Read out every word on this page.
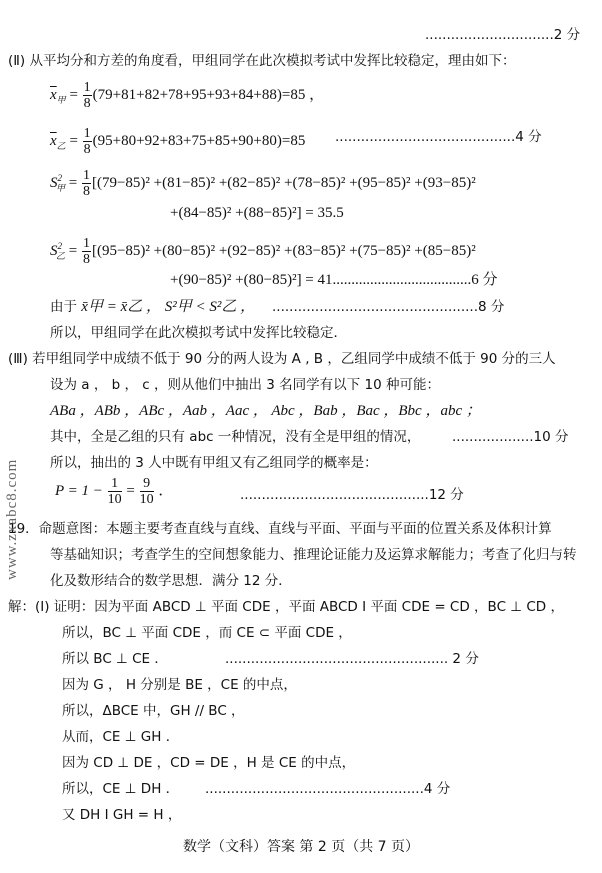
..............................2 分
(Ⅱ) 从平均分和方差的角度看，甲组同学在此次模拟考试中发挥比较稳定，理由如下：
$\overline{x}_甲 = \frac{1}{8} (79+81+82+78+95+93+84+88)=85$ ，
$\overline{x}_乙 = \frac{1}{8} (95+80+92+83+75+85+90+80)=85$ ..........................................4 分
$S^2_甲 = \frac{1}{8} [(79-85)^2 +(81-85)^2 +(82-85)^2 +(78-85)^2 +(95-85)^2 +(93-85)^2$
+(84−85)² +(88−85)²] = 35.5
$S^2_乙 = \frac{1}{8} [(95-85)^2 +(80-85)^2 +(92-85)^2 +(83-85)^2 +(75-85)^2 +(85-85)^2$
+(90−85)² +(80−85)²] = 41.....................................6 分
由于 x̄甲 = x̄乙 ， S²甲 < S²乙 ， ................................................8 分
所以，甲组同学在此次模拟考试中发挥比较稳定．
(Ⅲ) 若甲组同学中成绩不低于 90 分的两人设为 A , B ，乙组同学中成绩不低于 90 分的三人
设为 a ， b ， c ，则从他们中抽出 3 名同学有以下 10 种可能：
ABa ，ABb ，ABc ，Aab ，Aac ， Abc ，Bab ，Bac ，Bbc ，abc ；
其中，全是乙组的只有 abc 一种情况，没有全是甲组的情况， ...................10 分
所以，抽出的 3 人中既有甲组又有乙组同学的概率是：
$P = 1 - \frac{1}{10} = \frac{9}{10}$ ．	............................................12 分
19．命题意图：本题主要考查直线与直线、直线与平面、平面与平面的位置关系及体积计算
等基础知识；考查学生的空间想象能力、推理论证能力及运算求解能力；考查了化归与转
化及数形结合的数学思想．满分 12 分．
解：(Ⅰ) 证明：因为平面 ABCD ⊥ 平面 CDE ，平面 ABCD I 平面 CDE = CD ，BC ⊥ CD ，
所以，BC ⊥ 平面 CDE ，而 CE ⊂ 平面 CDE ，
所以 BC ⊥ CE ．	.................................................... 2 分
因为 G ， H 分别是 BE ，CE 的中点，
所以，ΔBCE 中，GH // BC ，
从而，CE ⊥ GH ．
因为 CD ⊥ DE ，CD = DE ，H 是 CE 的中点，
所以，CE ⊥ DH ． ...................................................4 分
又 DH I GH = H ，
www.zxabc8.com
数学（文科）答案 第 2 页（共 7 页）
